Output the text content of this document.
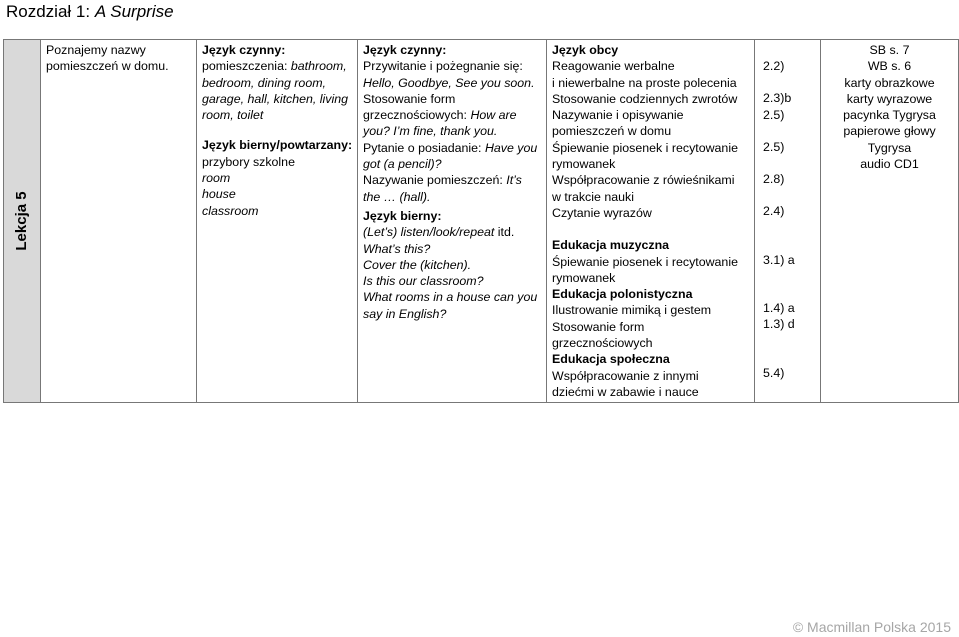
Rozdział 1: A Surprise
Lekcja 5

Poznajemy nazwy
pomieszczeń w domu.

Język czynny:
pomieszczenia: bathroom,
bedroom, dining room,
garage, hall, kitchen, living
room, toilet
Język bierny/powtarzany:
przybory szkolne
room
house
classroom

Język czynny:
Przywitanie i pożegnanie się:
Hello, Goodbye, See you soon.
Stosowanie form
grzecznościowych: How are
you? I’m fine, thank you.
Pytanie o posiadanie: Have you
got (a pencil)?
Nazywanie pomieszczeń: It’s
the … (hall).
Język bierny:
(Let’s) listen/look/repeat itd.
What’s this?
Cover the (kitchen).
Is this our classroom?
What rooms in a house can you
say in English?

Język obcy
Reagowanie werbalne
i niewerbalne na proste polecenia
Stosowanie codziennych zwrotów
Nazywanie i opisywanie
pomieszczeń w domu
Śpiewanie piosenek i recytowanie
rymowanek
Współpracowanie z rówieśnikami
w trakcie nauki
Czytanie wyrazów
Edukacja muzyczna
Śpiewanie piosenek i recytowanie
rymowanek
Edukacja polonistyczna
Ilustrowanie mimiką i gestem
Stosowanie form
grzecznościowych
Edukacja społeczna
Współpracowanie z innymi
dziećmi w zabawie i nauce

2.2)
2.3)b
2.5)
2.5)
2.8)
2.4)
3.1) a
1.4) a
1.3) d
5.4)

SB s. 7
WB s. 6
karty obrazkowe
karty wyrazowe
pacynka Tygrysa
papierowe głowy
Tygrysa
audio CD1
© Macmillan Polska 2015
